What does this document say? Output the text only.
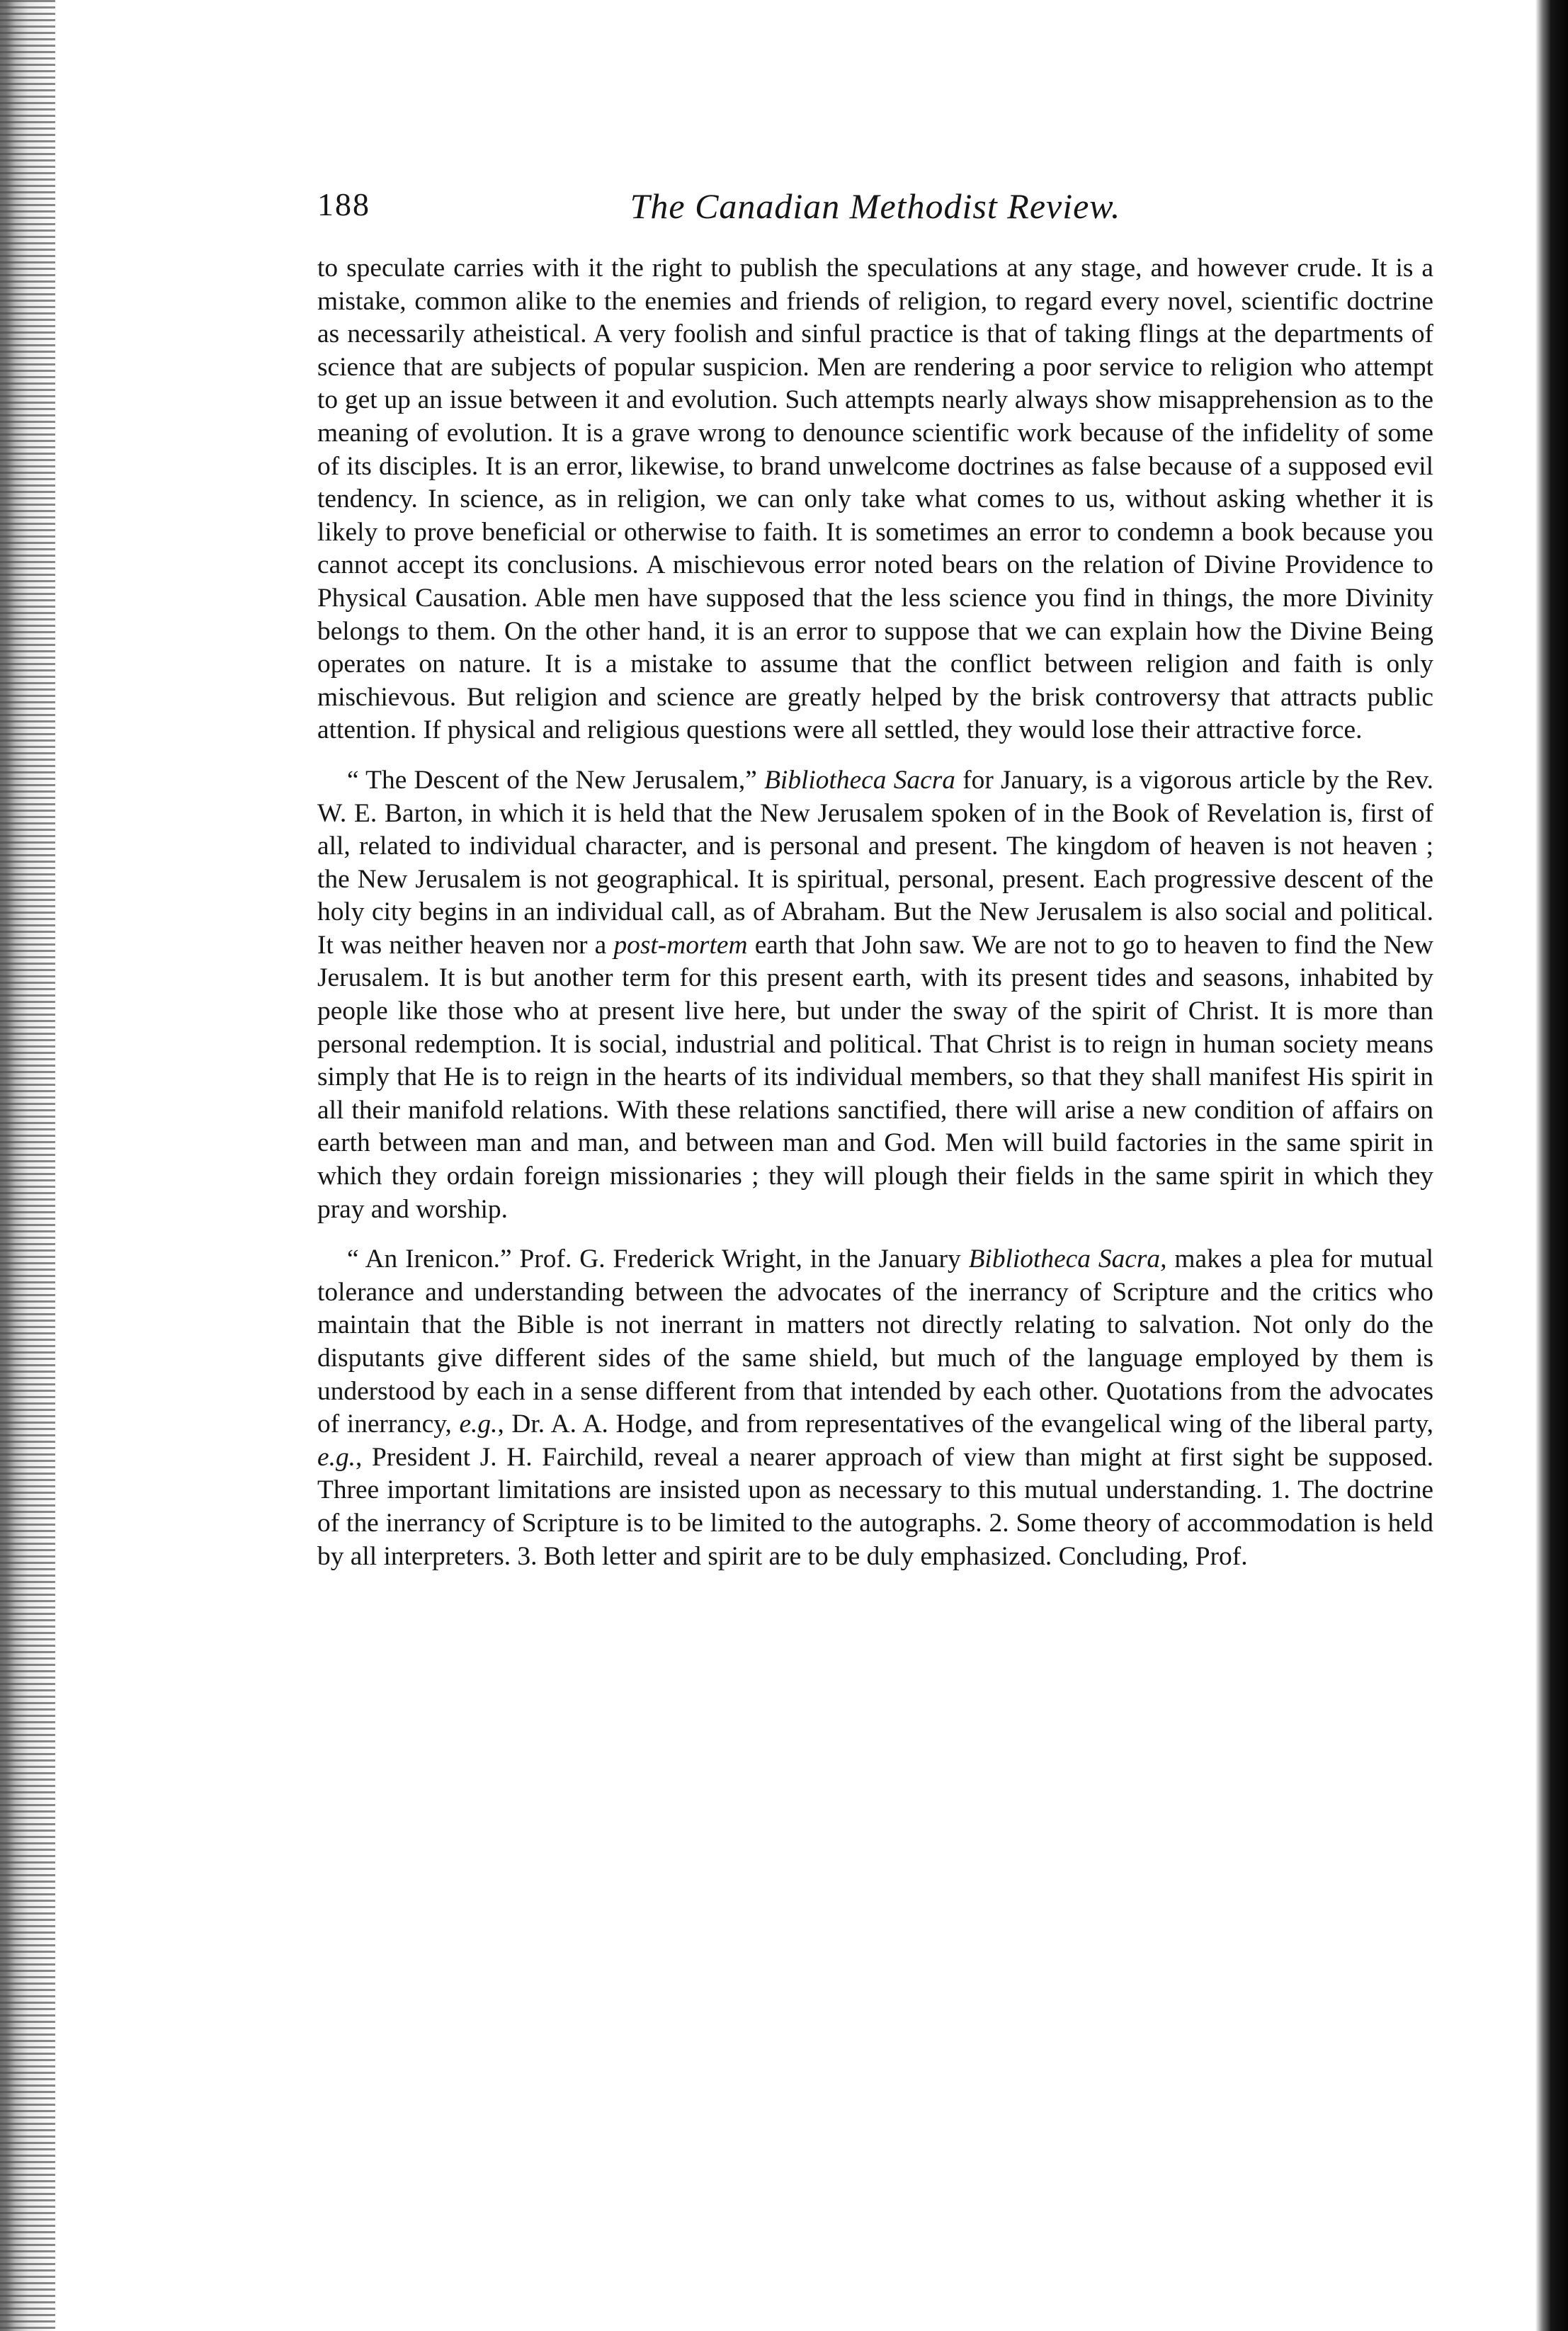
188	The Canadian Methodist Review.

to speculate carries with it the right to publish the speculations at any stage, and however crude. It is a mistake, common alike to the enemies and friends of religion, to regard every novel, scientific doctrine as necessarily atheistical. A very foolish and sinful practice is that of taking flings at the departments of science that are subjects of popular suspicion. Men are rendering a poor service to religion who attempt to get up an issue between it and evolution. Such attempts nearly always show misapprehension as to the meaning of evolution. It is a grave wrong to denounce scientific work because of the infidelity of some of its disciples. It is an error, likewise, to brand unwelcome doctrines as false because of a supposed evil tendency. In science, as in religion, we can only take what comes to us, without asking whether it is likely to prove beneficial or otherwise to faith. It is sometimes an error to condemn a book because you cannot accept its conclusions. A mischievous error noted bears on the relation of Divine Providence to Physical Causation. Able men have supposed that the less science you find in things, the more Divinity belongs to them. On the other hand, it is an error to suppose that we can explain how the Divine Being operates on nature. It is a mistake to assume that the conflict between religion and faith is only mischievous. But religion and science are greatly helped by the brisk controversy that attracts public attention. If physical and religious questions were all settled, they would lose their attractive force.

“ The Descent of the New Jerusalem,” Bibliotheca Sacra for January, is a vigorous article by the Rev. W. E. Barton, in which it is held that the New Jerusalem spoken of in the Book of Revelation is, first of all, related to individual character, and is personal and present. The kingdom of heaven is not heaven ; the New Jerusalem is not geographical. It is spiritual, personal, present. Each progressive descent of the holy city begins in an individual call, as of Abraham. But the New Jerusalem is also social and political. It was neither heaven nor a post-mortem earth that John saw. We are not to go to heaven to find the New Jerusalem. It is but another term for this present earth, with its present tides and seasons, inhabited by people like those who at present live here, but under the sway of the spirit of Christ. It is more than personal redemption. It is social, industrial and political. That Christ is to reign in human society means simply that He is to reign in the hearts of its individual members, so that they shall manifest His spirit in all their manifold relations. With these relations sanctified, there will arise a new condition of affairs on earth between man and man, and between man and God. Men will build factories in the same spirit in which they ordain foreign missionaries ; they will plough their fields in the same spirit in which they pray and worship.

“ An Irenicon.” Prof. G. Frederick Wright, in the January Bibliotheca Sacra, makes a plea for mutual tolerance and understanding between the advocates of the inerrancy of Scripture and the critics who maintain that the Bible is not inerrant in matters not directly relating to salvation. Not only do the disputants give different sides of the same shield, but much of the language employed by them is understood by each in a sense different from that intended by each other. Quotations from the advocates of inerrancy, e.g., Dr. A. A. Hodge, and from representatives of the evangelical wing of the liberal party, e.g., President J. H. Fairchild, reveal a nearer approach of view than might at first sight be supposed. Three important limitations are insisted upon as necessary to this mutual understanding. 1. The doctrine of the inerrancy of Scripture is to be limited to the autographs. 2. Some theory of accommodation is held by all interpreters. 3. Both letter and spirit are to be duly emphasized. Concluding, Prof.
